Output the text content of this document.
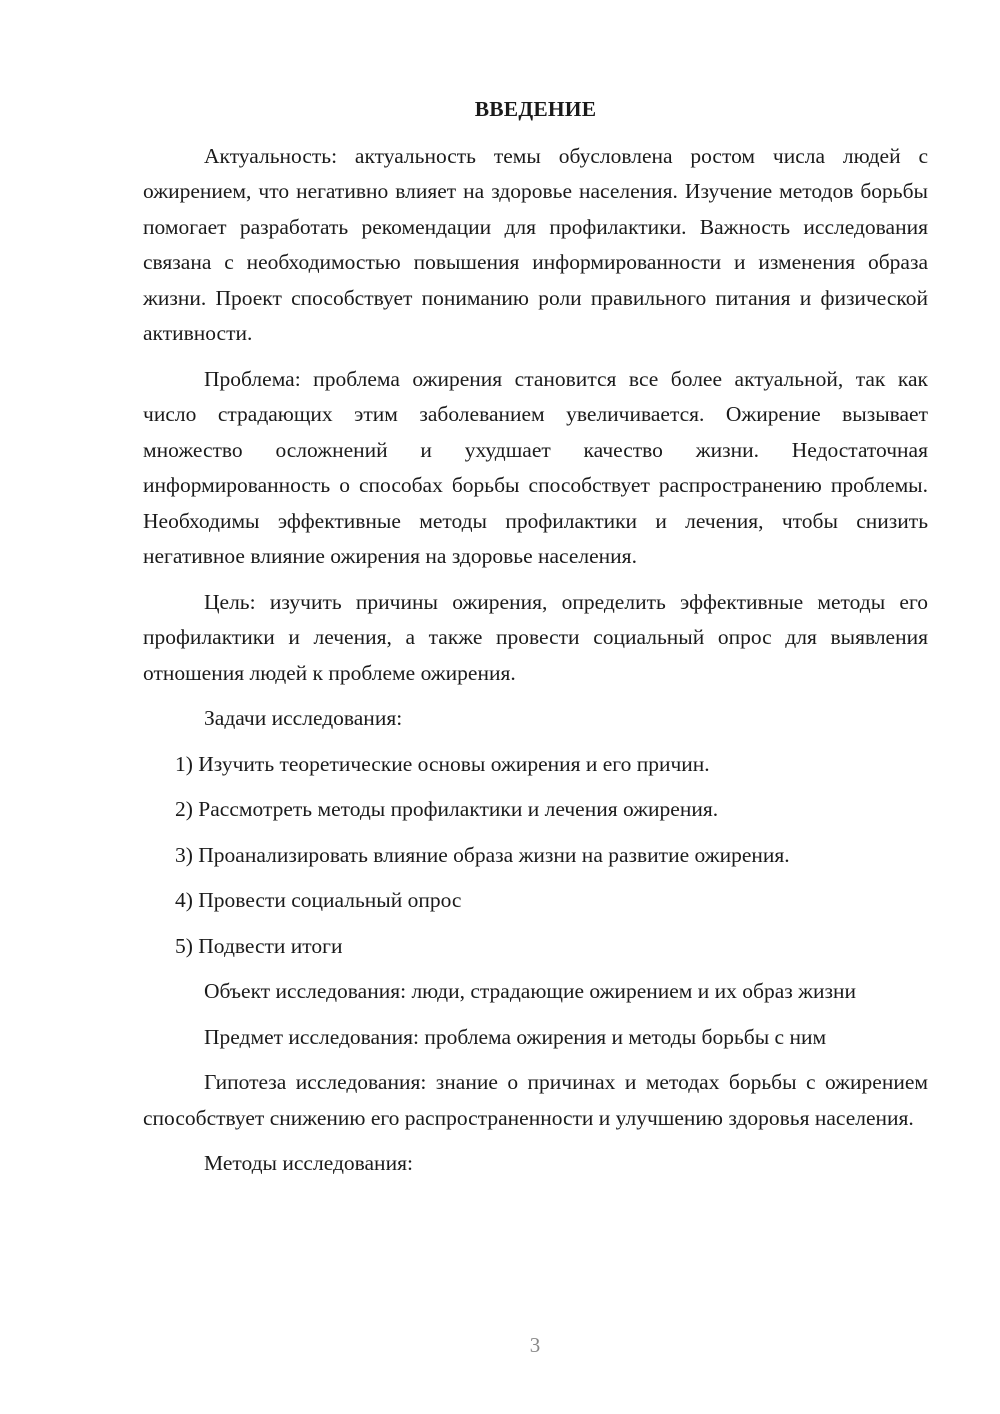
ВВЕДЕНИЕ

Актуальность: актуальность темы обусловлена ростом числа людей с ожирением, что негативно влияет на здоровье населения. Изучение методов борьбы помогает разработать рекомендации для профилактики. Важность исследования связана с необходимостью повышения информированности и изменения образа жизни. Проект способствует пониманию роли правильного питания и физической активности.

Проблема: проблема ожирения становится все более актуальной, так как число страдающих этим заболеванием увеличивается. Ожирение вызывает множество осложнений и ухудшает качество жизни. Недостаточная информированность о способах борьбы способствует распространению проблемы. Необходимы эффективные методы профилактики и лечения, чтобы снизить негативное влияние ожирения на здоровье населения.

Цель: изучить причины ожирения, определить эффективные методы его профилактики и лечения, а также провести социальный опрос для выявления отношения людей к проблеме ожирения.

Задачи исследования:

1) Изучить теоретические основы ожирения и его причин.
2) Рассмотреть методы профилактики и лечения ожирения.
3) Проанализировать влияние образа жизни на развитие ожирения.
4) Провести социальный опрос
5) Подвести итоги

Объект исследования: люди, страдающие ожирением и их образ жизни

Предмет исследования: проблема ожирения и методы борьбы с ним

Гипотеза исследования: знание о причинах и методах борьбы с ожирением способствует снижению его распространенности и улучшению здоровья населения.

Методы исследования:

3
